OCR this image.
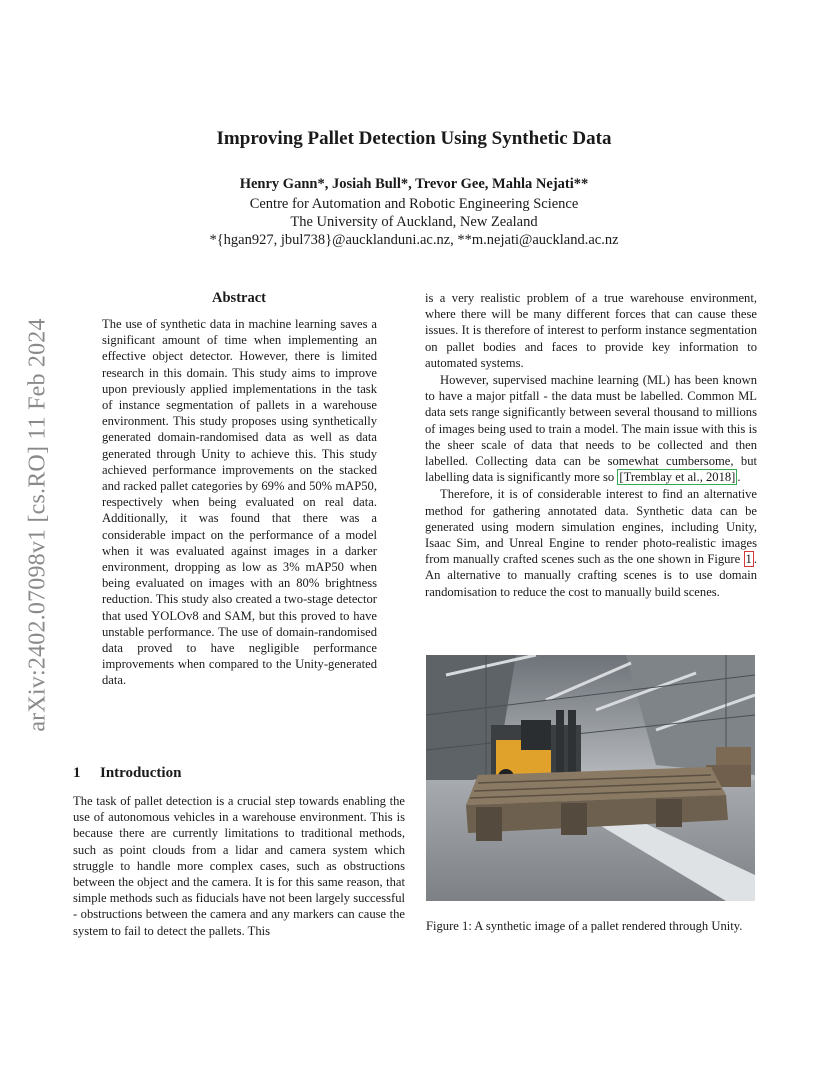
arXiv:2402.07098v1 [cs.RO] 11 Feb 2024
Improving Pallet Detection Using Synthetic Data
Henry Gann*, Josiah Bull*, Trevor Gee, Mahla Nejati**
Centre for Automation and Robotic Engineering Science
The University of Auckland, New Zealand
*{hgan927, jbul738}@aucklanduni.ac.nz, **m.nejati@auckland.ac.nz
Abstract

The use of synthetic data in machine learning saves a significant amount of time when implementing an effective object detector. However, there is limited research in this domain. This study aims to improve upon previously applied implementations in the task of instance segmentation of pallets in a warehouse environment. This study proposes using synthetically generated domain-randomised data as well as data generated through Unity to achieve this. This study achieved performance improvements on the stacked and racked pallet categories by 69% and 50% mAP50, respectively when being evaluated on real data. Additionally, it was found that there was a considerable impact on the performance of a model when it was evaluated against images in a darker environment, dropping as low as 3% mAP50 when being evaluated on images with an 80% brightness reduction. This study also created a two-stage detector that used YOLOv8 and SAM, but this proved to have unstable performance. The use of domain-randomised data proved to have negligible performance improvements when compared to the Unity-generated data.

1 Introduction

The task of pallet detection is a crucial step towards enabling the use of autonomous vehicles in a warehouse environment. This is because there are currently limitations to traditional methods, such as point clouds from a lidar and camera system which struggle to handle more complex cases, such as obstructions between the object and the camera. It is for this same reason, that simple methods such as fiducials have not been largely successful - obstructions between the camera and any markers can cause the system to fail to detect the pallets. This

is a very realistic problem of a true warehouse environment, where there will be many different forces that can cause these issues. It is therefore of interest to perform instance segmentation on pallet bodies and faces to provide key information to automated systems.

However, supervised machine learning (ML) has been known to have a major pitfall - the data must be labelled. Common ML data sets range significantly between several thousand to millions of images being used to train a model. The main issue with this is the sheer scale of data that needs to be collected and then labelled. Collecting data can be somewhat cumbersome, but labelling data is significantly more so [Tremblay et al., 2018] .

Therefore, it is of considerable interest to find an alternative method for gathering annotated data. Synthetic data can be generated using modern simulation engines, including Unity, Isaac Sim, and Unreal Engine to render photo-realistic images from manually crafted scenes such as the one shown in Figure 1 . An alternative to manually crafting scenes is to use domain randomisation to reduce the cost to manually build scenes.

Figure 1: A synthetic image of a pallet rendered through Unity.
